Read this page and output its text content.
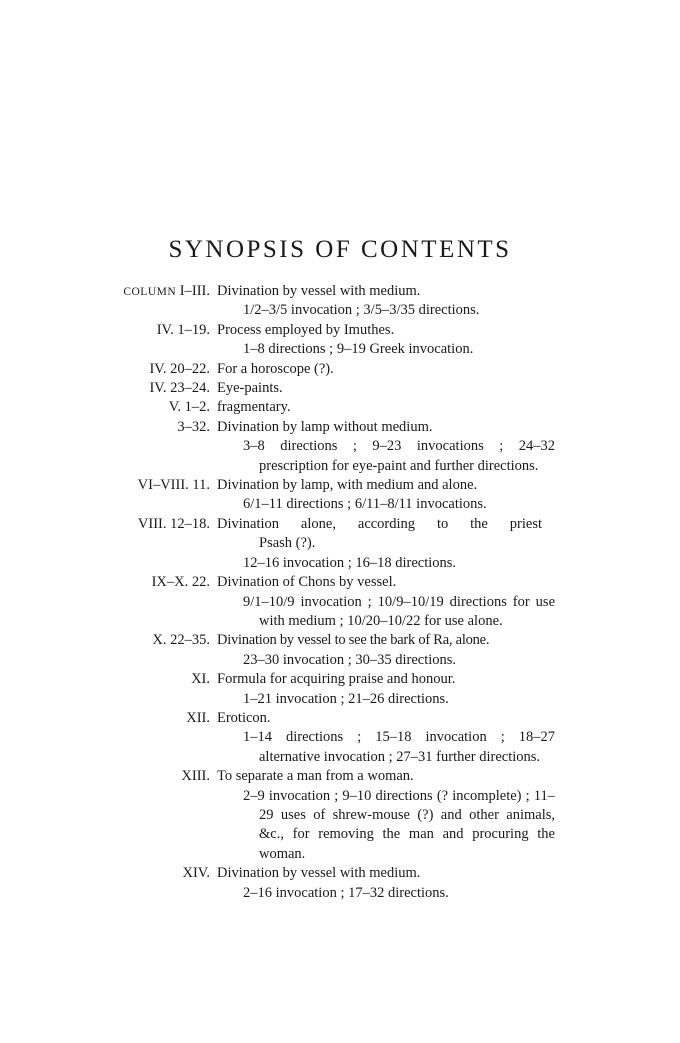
SYNOPSIS OF CONTENTS
COLUMN I–III. Divination by vessel with medium.
1/2–3/5 invocation ; 3/5–3/35 directions.
IV. 1–19. Process employed by Imuthes.
1–8 directions ; 9–19 Greek invocation.
IV. 20–22. For a horoscope (?).
IV. 23–24. Eye-paints.
V. 1–2. fragmentary.
3–32. Divination by lamp without medium.
3–8 directions ; 9–23 invocations ; 24–32 prescription for eye-paint and further directions.
VI–VIII. 11. Divination by lamp, with medium and alone.
6/1–11 directions ; 6/11–8/11 invocations.
VIII. 12–18. Divination alone, according to the priest
Psash (?).
12–16 invocation ; 16–18 directions.
IX–X. 22. Divination of Chons by vessel.
9/1–10/9 invocation ; 10/9–10/19 directions for use with medium ; 10/20–10/22 for use alone.
X. 22–35. Divination by vessel to see the bark of Ra, alone.
23–30 invocation ; 30–35 directions.
XI. Formula for acquiring praise and honour.
1–21 invocation ; 21–26 directions.
XII. Eroticon.
1–14 directions ; 15–18 invocation ; 18–27 alternative invocation ; 27–31 further directions.
XIII. To separate a man from a woman.
2–9 invocation ; 9–10 directions (? incomplete) ; 11–29 uses of shrew-mouse (?) and other animals, &c., for removing the man and procuring the woman.
XIV. Divination by vessel with medium.
2–16 invocation ; 17–32 directions.
